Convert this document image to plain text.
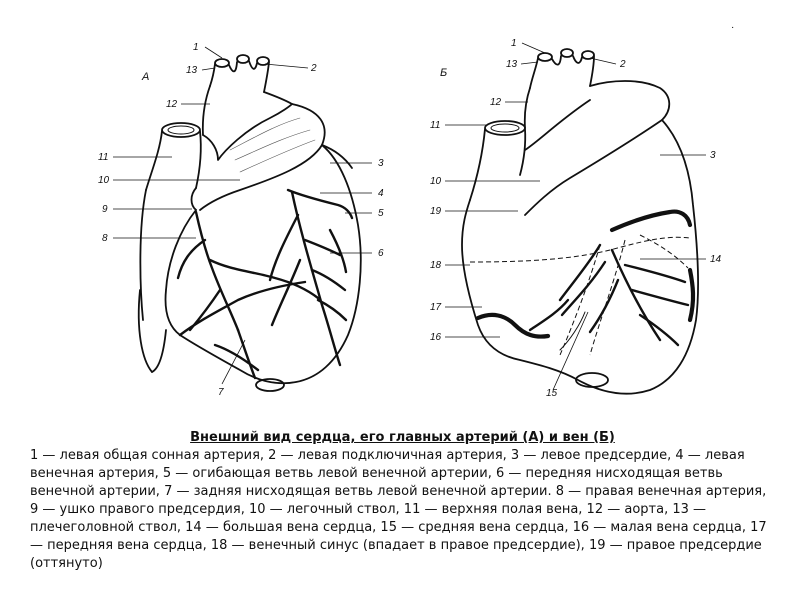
А
1
2
3
4
5
6
7
8
9
10
11
12
13	Б
·
1
2
3
10
11
12
13
14
15
16
17
18
19

Внешний вид сердца, его главных артерий (А) и вен (Б)

1 — левая общая сонная артерия, 2 — левая подключичная артерия, 3 — левое предсердие, 4 — левая венечная артерия, 5 — огибающая ветвь левой венечной артерии, 6 — передняя нисходящая ветвь венечной артерии, 7 — задняя нисходящая ветвь левой венечной артерии. 8 — правая венечная артерия, 9 — ушко правого предсердия, 10 — легочный ствол, 11 — верхняя полая вена, 12 — аорта, 13 — плечеголовной ствол, 14 — большая вена сердца, 15 — средняя вена сердца, 16 — малая вена сердца, 17 — передняя вена сердца, 18 — венечный синус (впадает в правое предсердие), 19 — правое предсердие (оттянуто)
